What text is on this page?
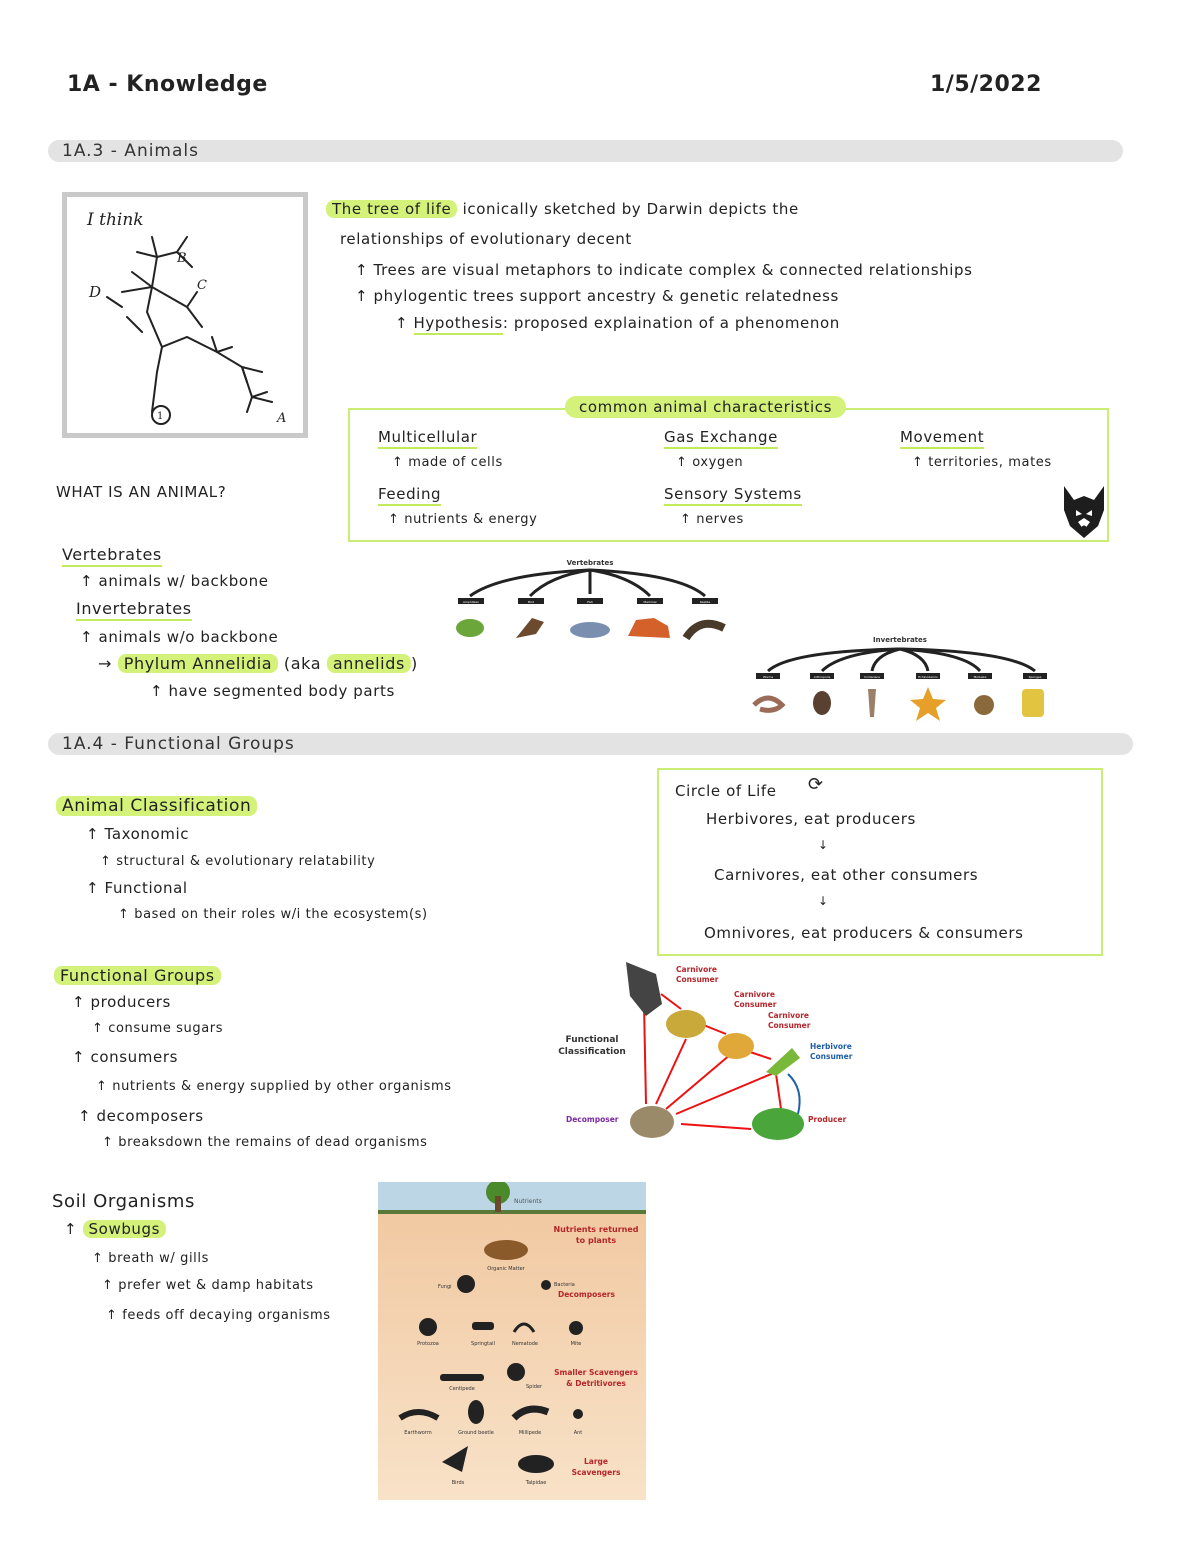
1A - Knowledge	1/5/2022
1A.3 - Animals
I think
B
C
D
1	A
The tree of life iconically sketched by Darwin depicts the
relationships of evolutionary decent
↑ Trees are visual metaphors to indicate complex & connected relationships
↑ phylogentic trees support ancestry & genetic relatedness
↑ Hypothesis: proposed explaination of a phenomenon
common animal characteristics
Multicellular
↑ made of cells
Gas Exchange
↑ oxygen
Movement
↑ territories, mates
Feeding
↑ nutrients & energy
Sensory Systems
↑ nerves
WHAT IS AN ANIMAL?
Vertebrates
↑ animals w/ backbone
Invertebrates
↑ animals w/o backbone
→ Phylum Annelidia (aka annelids )
↑ have segmented body parts
Vertebrates
Amphibian	Bird	Fish	Mammal	Reptile
Invertebrates
Worms	Arthropods	Cnidarians	Echinoderms	Mollusks	Sponges
1A.4 - Functional Groups
Animal Classification
↑ Taxonomic
↑ structural & evolutionary relatability
↑ Functional
↑ based on their roles w/i the ecosystem(s)
Circle of Life ⟳
Herbivores, eat producers
↓
Carnivores, eat other consumers
↓
Omnivores, eat producers & consumers
Functional Groups
↑ producers
↑ consume sugars
↑ consumers
↑ nutrients & energy supplied by other organisms
↑ decomposers
↑ breaksdown the remains of dead organisms
Functional
Classification
Carnivore
Consumer
Carnivore
Consumer
Carnivore
Consumer
Herbivore
Consumer
Producer
Decomposer
Soil Organisms
↑ Sowbugs
↑ breath w/ gills
↑ prefer wet & damp habitats
↑ feeds off decaying organisms
Nutrients
Nutrients returned
to plants
Organic Matter
Fungi	Bacteria
Decomposers
Protozoa	Springtail	Nematode	Mite
Smaller Scavengers
& Detritivores
Centipede	Spider
Earthworm	Ground beetle	Millipede	Ant
Large
Scavengers
Birds	Talpidae
